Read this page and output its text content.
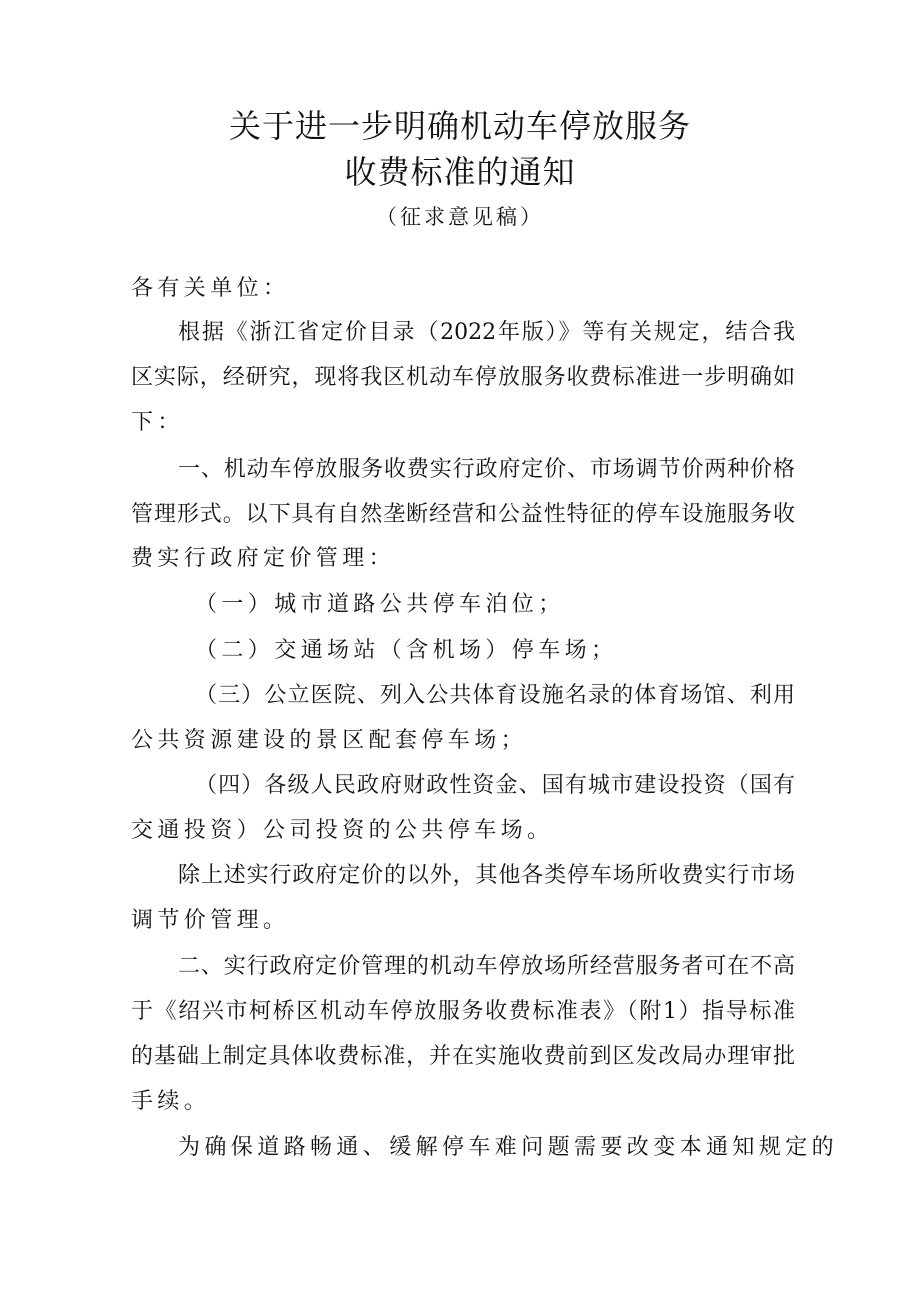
关于进一步明确机动车停放服务
收费标准的通知
（征求意见稿）
各有关单位：
根据《浙江省定价目录（2022年版）》等有关规定，结合我
区实际，经研究，现将我区机动车停放服务收费标准进一步明确如
下：
一、机动车停放服务收费实行政府定价、市场调节价两种价格
管理形式。以下具有自然垄断经营和公益性特征的停车设施服务收
费实行政府定价管理：
（一）城市道路公共停车泊位；
（二）交通场站（含机场）停车场；
（三）公立医院、列入公共体育设施名录的体育场馆、利用
公共资源建设的景区配套停车场；
（四）各级人民政府财政性资金、国有城市建设投资（国有
交通投资）公司投资的公共停车场。
除上述实行政府定价的以外，其他各类停车场所收费实行市场
调节价管理。
二、实行政府定价管理的机动车停放场所经营服务者可在不高
于《绍兴市柯桥区机动车停放服务收费标准表》（附1）指导标准
的基础上制定具体收费标准，并在实施收费前到区发改局办理审批
手续。
为确保道路畅通、缓解停车难问题需要改变本通知规定的
